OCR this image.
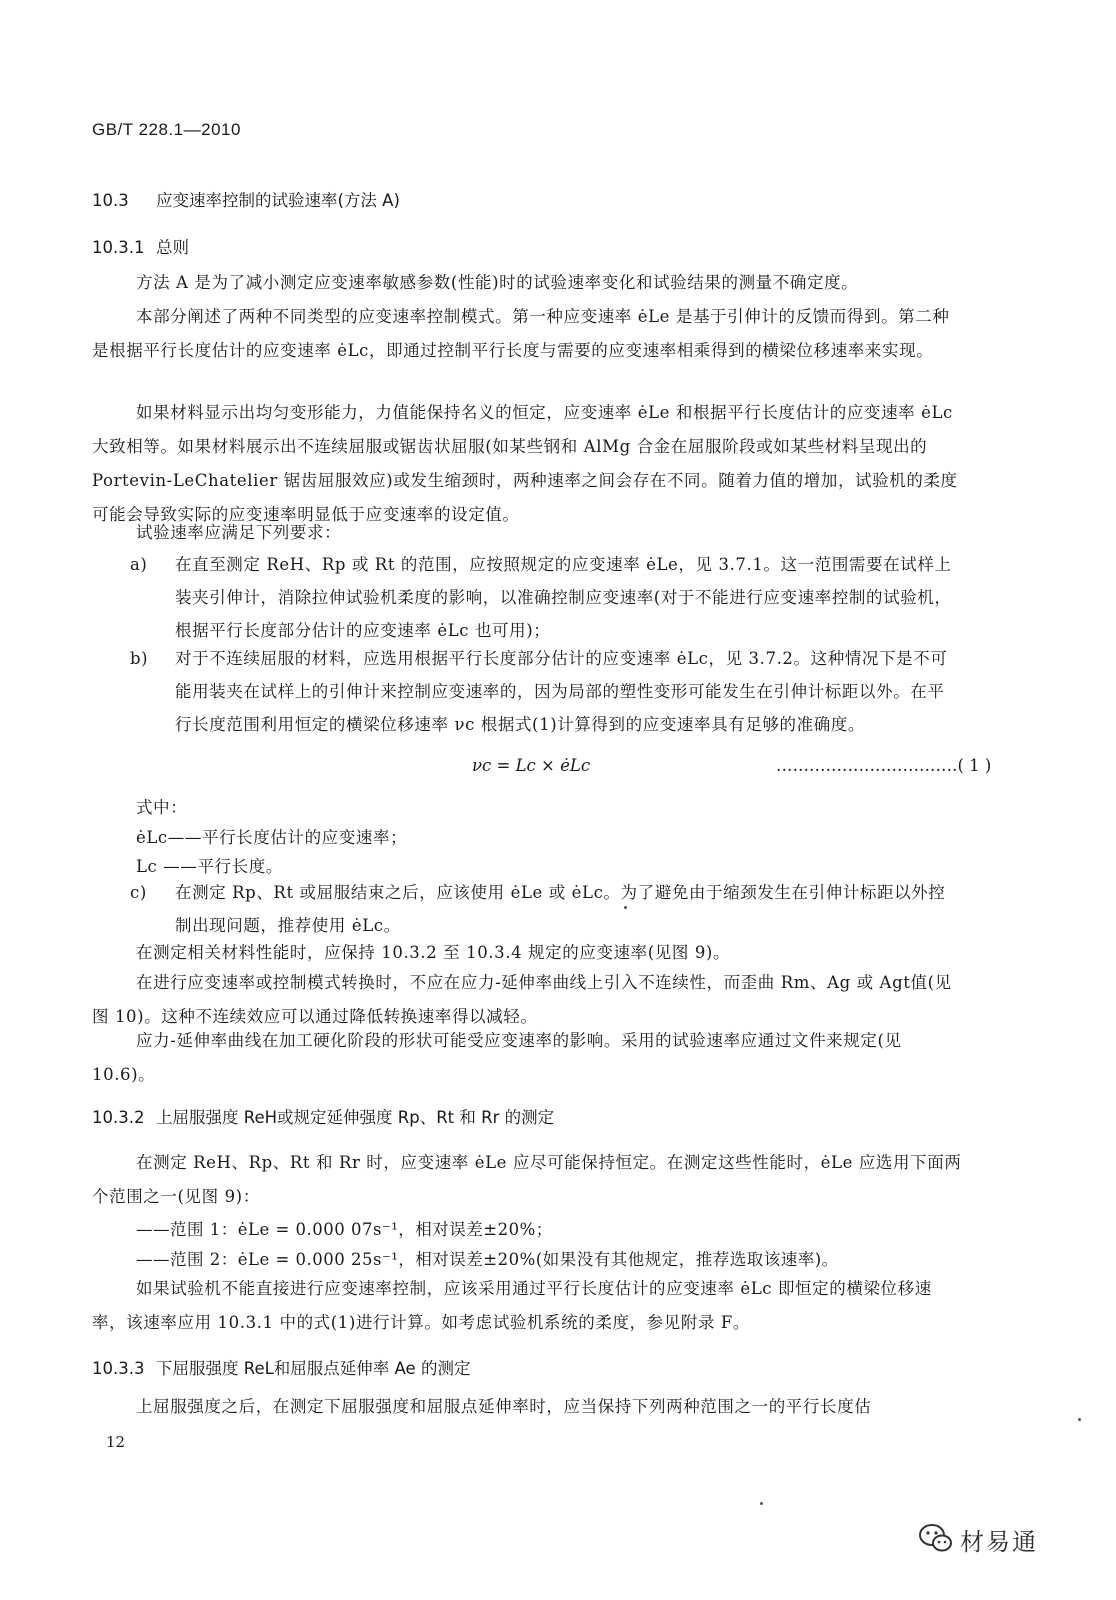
GB/T 228.1—2010
10.3 应变速率控制的试验速率(方法 A)
10.3.1 总则

方法 A 是为了减小测定应变速率敏感参数(性能)时的试验速率变化和试验结果的测量不确定度。

本部分阐述了两种不同类型的应变速率控制模式。第一种应变速率 ėLe 是基于引伸计的反馈而得到。第二种是根据平行长度估计的应变速率 ėLc，即通过控制平行长度与需要的应变速率相乘得到的横梁位移速率来实现。

如果材料显示出均匀变形能力，力值能保持名义的恒定，应变速率 ėLe 和根据平行长度估计的应变速率 ėLc 大致相等。如果材料展示出不连续屈服或锯齿状屈服(如某些钢和 AlMg 合金在屈服阶段或如某些材料呈现出的 Portevin-LeChatelier 锯齿屈服效应)或发生缩颈时，两种速率之间会存在不同。随着力值的增加，试验机的柔度可能会导致实际的应变速率明显低于应变速率的设定值。

试验速率应满足下列要求：

a) 在直至测定 ReH、Rp 或 Rt 的范围，应按照规定的应变速率 ėLe，见 3.7.1。这一范围需要在试样上装夹引伸计，消除拉伸试验机柔度的影响，以准确控制应变速率(对于不能进行应变速率控制的试验机，根据平行长度部分估计的应变速率 ėLc 也可用)；
b) 对于不连续屈服的材料，应选用根据平行长度部分估计的应变速率 ėLc，见 3.7.2。这种情况下是不可能用装夹在试样上的引伸计来控制应变速率的，因为局部的塑性变形可能发生在引伸计标距以外。在平行长度范围利用恒定的横梁位移速率 νc 根据式(1)计算得到的应变速率具有足够的准确度。
νc = Lc × ėLc	……………………………( 1 )
式中：
ėLc——平行长度估计的应变速率；
Lc ——平行长度。
c) 在测定 Rp、Rt 或屈服结束之后，应该使用 ėLe 或 ėLc。为了避免由于缩颈发生在引伸计标距以外控制出现问题，推荐使用 ėLc。

在测定相关材料性能时，应保持 10.3.2 至 10.3.4 规定的应变速率(见图 9)。

在进行应变速率或控制模式转换时，不应在应力-延伸率曲线上引入不连续性，而歪曲 Rm、Ag 或 Agt值(见图 10)。这种不连续效应可以通过降低转换速率得以减轻。

应力-延伸率曲线在加工硬化阶段的形状可能受应变速率的影响。采用的试验速率应通过文件来规定(见 10.6)。

10.3.2 上屈服强度 ReH或规定延伸强度 Rp、Rt 和 Rr 的测定

在测定 ReH、Rp、Rt 和 Rr 时，应变速率 ėLe 应尽可能保持恒定。在测定这些性能时，ėLe 应选用下面两个范围之一(见图 9)：

——范围 1：ėLe = 0.000 07s⁻¹，相对误差±20%；
——范围 2：ėLe = 0.000 25s⁻¹，相对误差±20%(如果没有其他规定，推荐选取该速率)。

如果试验机不能直接进行应变速率控制，应该采用通过平行长度估计的应变速率 ėLc 即恒定的横梁位移速率，该速率应用 10.3.1 中的式(1)进行计算。如考虑试验机系统的柔度，参见附录 F。

10.3.3 下屈服强度 ReL和屈服点延伸率 Ae 的测定

上屈服强度之后，在测定下屈服强度和屈服点延伸率时，应当保持下列两种范围之一的平行长度估

12
材易通
